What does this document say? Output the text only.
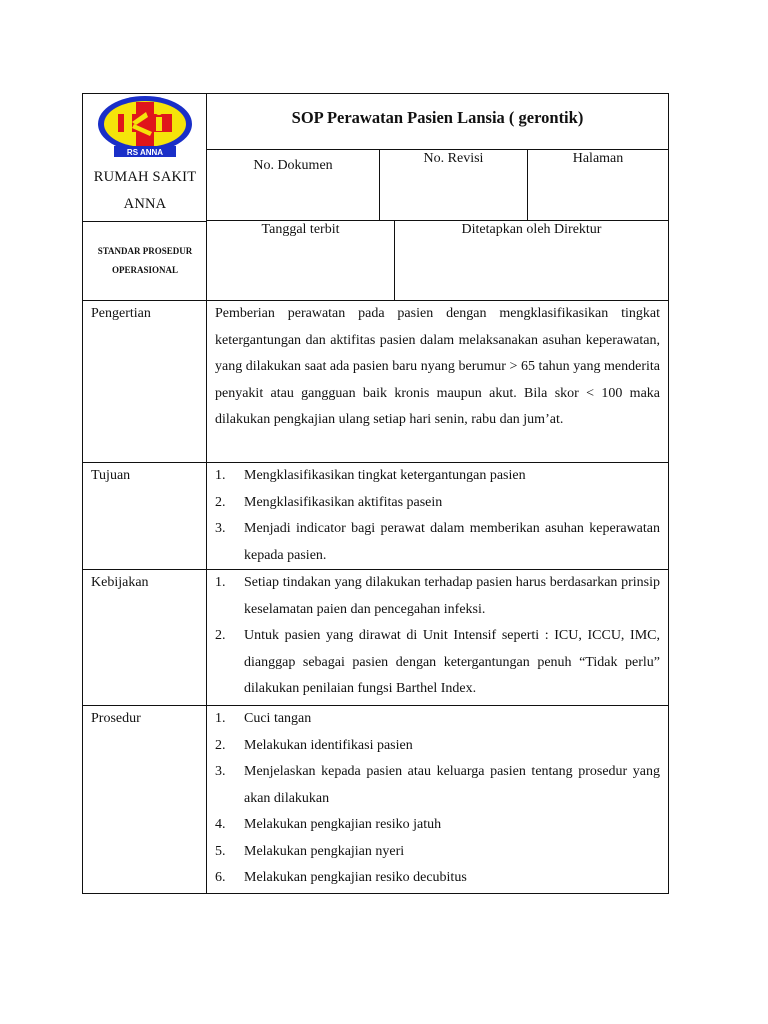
RS ANNA
RUMAH SAKIT
ANNA
STANDAR PROSEDUR
OPERASIONAL
SOP Perawatan Pasien Lansia ( gerontik)
No. Dokumen	No. Revisi	Halaman
Tanggal terbit	Ditetapkan oleh Direktur
Pengertian	Pemberian perawatan pada pasien dengan mengklasifikasikan tingkat ketergantungan dan aktifitas pasien dalam melaksanakan asuhan keperawatan, yang dilakukan saat ada pasien baru nyang berumur > 65 tahun yang menderita penyakit atau gangguan baik kronis maupun akut. Bila skor < 100 maka dilakukan pengkajian ulang setiap hari senin, rabu dan jum’at.
Tujuan	1.	Mengklasifikasikan tingkat ketergantungan pasien
2.	Mengklasifikasikan aktifitas pasein
3.	Menjadi indicator bagi perawat dalam memberikan asuhan keperawatan kepada pasien.
Kebijakan	1.	Setiap tindakan yang dilakukan terhadap pasien harus berdasarkan prinsip keselamatan paien dan pencegahan infeksi.
2.	Untuk pasien yang dirawat di Unit Intensif seperti : ICU, ICCU, IMC, dianggap sebagai pasien dengan ketergantungan penuh “Tidak perlu” dilakukan penilaian fungsi Barthel Index.
Prosedur	1.	Cuci tangan
2.	Melakukan identifikasi pasien
3.	Menjelaskan kepada pasien atau keluarga pasien tentang prosedur yang akan dilakukan
4.	Melakukan pengkajian resiko jatuh
5.	Melakukan pengkajian nyeri
6.	Melakukan pengkajian resiko decubitus
